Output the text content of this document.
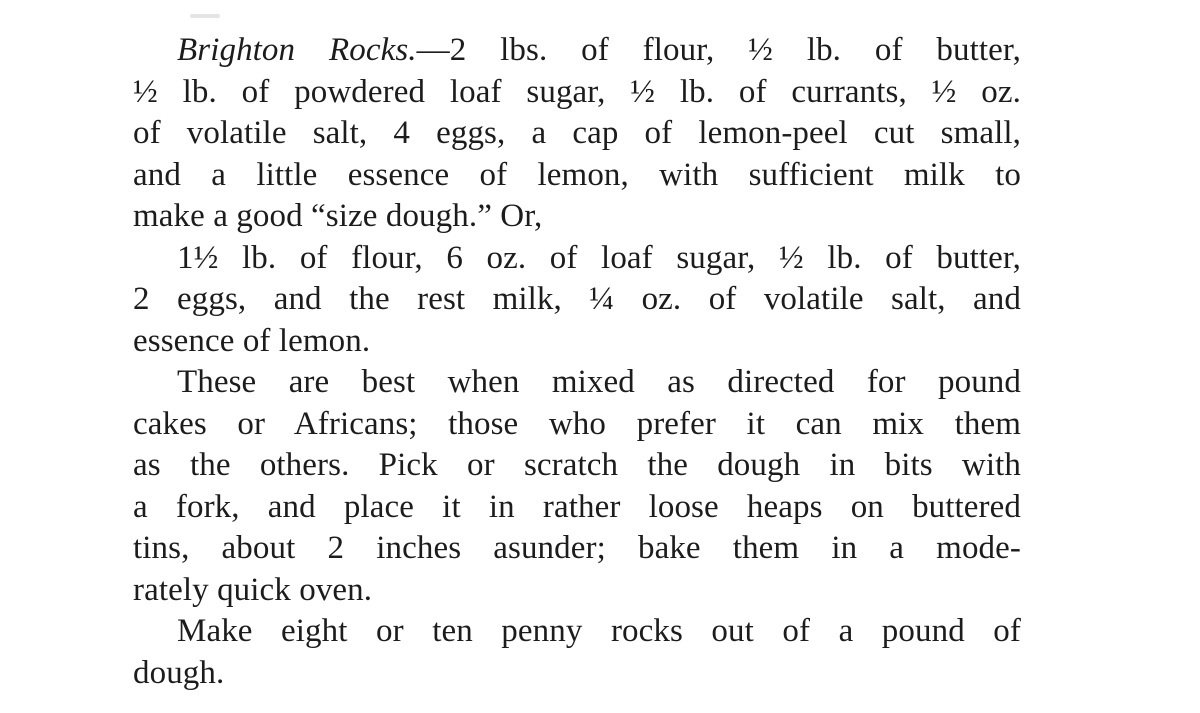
Brighton Rocks.—2 lbs. of flour, ½ lb. of butter,
½ lb. of powdered loaf sugar, ½ lb. of currants, ½ oz.
of volatile salt, 4 eggs, a cap of lemon-peel cut small,
and a little essence of lemon, with sufficient milk to
make a good “size dough.” Or,
1½ lb. of flour, 6 oz. of loaf sugar, ½ lb. of butter,
2 eggs, and the rest milk, ¼ oz. of volatile salt, and
essence of lemon.
These are best when mixed as directed for pound
cakes or Africans; those who prefer it can mix them
as the others. Pick or scratch the dough in bits with
a fork, and place it in rather loose heaps on buttered
tins, about 2 inches asunder; bake them in a mode-
rately quick oven.
Make eight or ten penny rocks out of a pound of
dough.
